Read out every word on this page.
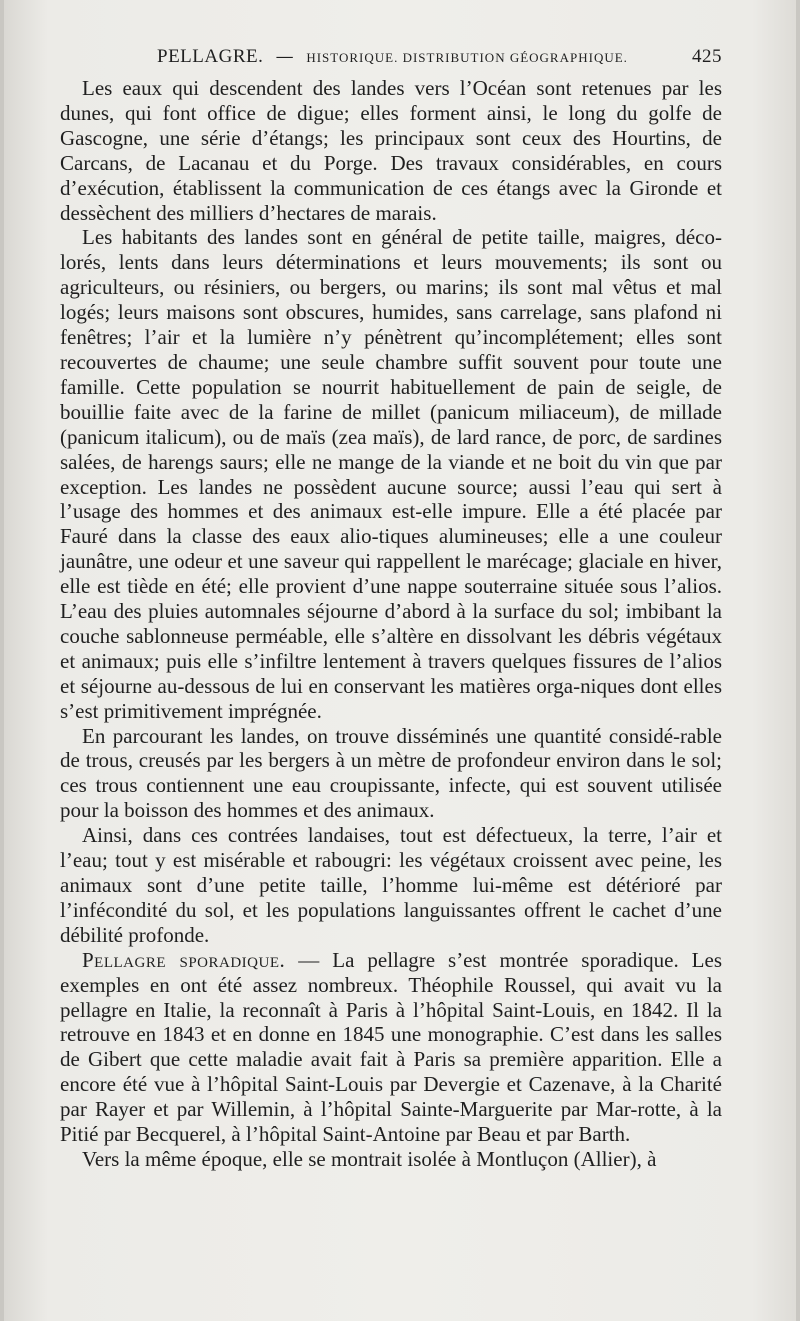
PELLAGRE. — HISTORIQUE. DISTRIBUTION GÉOGRAPHIQUE.	425

Les eaux qui descendent des landes vers l’Océan sont retenues par les dunes, qui font office de digue; elles forment ainsi, le long du golfe de Gascogne, une série d’étangs; les principaux sont ceux des Hourtins, de Carcans, de Lacanau et du Porge. Des travaux considérables, en cours d’exécution, établissent la communication de ces étangs avec la Gironde et dessèchent des milliers d’hectares de marais.

Les habitants des landes sont en général de petite taille, maigres, déco-lorés, lents dans leurs déterminations et leurs mouvements; ils sont ou agriculteurs, ou résiniers, ou bergers, ou marins; ils sont mal vêtus et mal logés; leurs maisons sont obscures, humides, sans carrelage, sans plafond ni fenêtres; l’air et la lumière n’y pénètrent qu’incomplétement; elles sont recouvertes de chaume; une seule chambre suffit souvent pour toute une famille. Cette population se nourrit habituellement de pain de seigle, de bouillie faite avec de la farine de millet (panicum miliaceum), de millade (panicum italicum), ou de maïs (zea maïs), de lard rance, de porc, de sardines salées, de harengs saurs; elle ne mange de la viande et ne boit du vin que par exception. Les landes ne possèdent aucune source; aussi l’eau qui sert à l’usage des hommes et des animaux est-elle impure. Elle a été placée par Fauré dans la classe des eaux alio-tiques alumineuses; elle a une couleur jaunâtre, une odeur et une saveur qui rappellent le marécage; glaciale en hiver, elle est tiède en été; elle provient d’une nappe souterraine située sous l’alios. L’eau des pluies automnales séjourne d’abord à la surface du sol; imbibant la couche sablonneuse perméable, elle s’altère en dissolvant les débris végétaux et animaux; puis elle s’infiltre lentement à travers quelques fissures de l’alios et séjourne au-dessous de lui en conservant les matières orga-niques dont elles s’est primitivement imprégnée.

En parcourant les landes, on trouve disséminés une quantité considé-rable de trous, creusés par les bergers à un mètre de profondeur environ dans le sol; ces trous contiennent une eau croupissante, infecte, qui est souvent utilisée pour la boisson des hommes et des animaux.

Ainsi, dans ces contrées landaises, tout est défectueux, la terre, l’air et l’eau; tout y est misérable et rabougri: les végétaux croissent avec peine, les animaux sont d’une petite taille, l’homme lui-même est détérioré par l’infécondité du sol, et les populations languissantes offrent le cachet d’une débilité profonde.

Pellagre sporadique. — La pellagre s’est montrée sporadique. Les exemples en ont été assez nombreux. Théophile Roussel, qui avait vu la pellagre en Italie, la reconnaît à Paris à l’hôpital Saint-Louis, en 1842. Il la retrouve en 1843 et en donne en 1845 une monographie. C’est dans les salles de Gibert que cette maladie avait fait à Paris sa première apparition. Elle a encore été vue à l’hôpital Saint-Louis par Devergie et Cazenave, à la Charité par Rayer et par Willemin, à l’hôpital Sainte-Marguerite par Mar-rotte, à la Pitié par Becquerel, à l’hôpital Saint-Antoine par Beau et par Barth.

Vers la même époque, elle se montrait isolée à Montluçon (Allier), à
